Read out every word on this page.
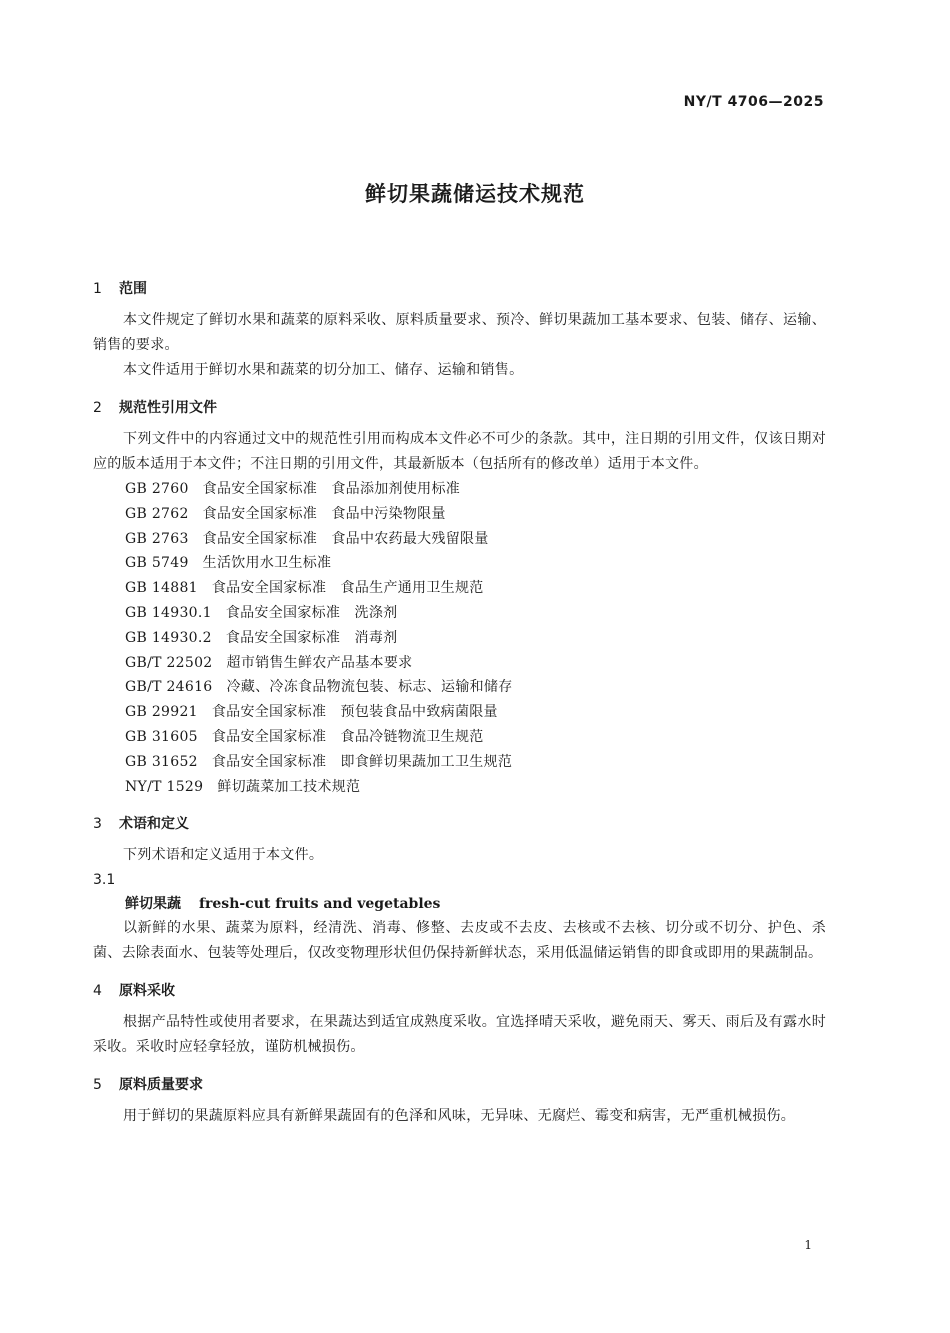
NY/T 4706—2025
鲜切果蔬储运技术规范
1 范围

本文件规定了鲜切水果和蔬菜的原料采收、原料质量要求、预冷、鲜切果蔬加工基本要求、包装、储存、运输、销售的要求。

本文件适用于鲜切水果和蔬菜的切分加工、储存、运输和销售。

2 规范性引用文件

下列文件中的内容通过文中的规范性引用而构成本文件必不可少的条款。其中，注日期的引用文件，仅该日期对应的版本适用于本文件；不注日期的引用文件，其最新版本（包括所有的修改单）适用于本文件。

GB 2760 食品安全国家标准　食品添加剂使用标准
GB 2762 食品安全国家标准　食品中污染物限量
GB 2763 食品安全国家标准　食品中农药最大残留限量
GB 5749 生活饮用水卫生标准
GB 14881 食品安全国家标准　食品生产通用卫生规范
GB 14930.1 食品安全国家标准　洗涤剂
GB 14930.2 食品安全国家标准　消毒剂
GB/T 22502 超市销售生鲜农产品基本要求
GB/T 24616 冷藏、冷冻食品物流包装、标志、运输和储存
GB 29921 食品安全国家标准　预包装食品中致病菌限量
GB 31605 食品安全国家标准　食品冷链物流卫生规范
GB 31652 食品安全国家标准　即食鲜切果蔬加工卫生规范
NY/T 1529 鲜切蔬菜加工技术规范
3 术语和定义

下列术语和定义适用于本文件。

3.1
鲜切果蔬 fresh-cut fruits and vegetables

以新鲜的水果、蔬菜为原料，经清洗、消毒、修整、去皮或不去皮、去核或不去核、切分或不切分、护色、杀菌、去除表面水、包装等处理后，仅改变物理形状但仍保持新鲜状态，采用低温储运销售的即食或即用的果蔬制品。

4 原料采收

根据产品特性或使用者要求，在果蔬达到适宜成熟度采收。宜选择晴天采收，避免雨天、雾天、雨后及有露水时采收。采收时应轻拿轻放，谨防机械损伤。

5 原料质量要求

用于鲜切的果蔬原料应具有新鲜果蔬固有的色泽和风味，无异味、无腐烂、霉变和病害，无严重机械损伤。

1
